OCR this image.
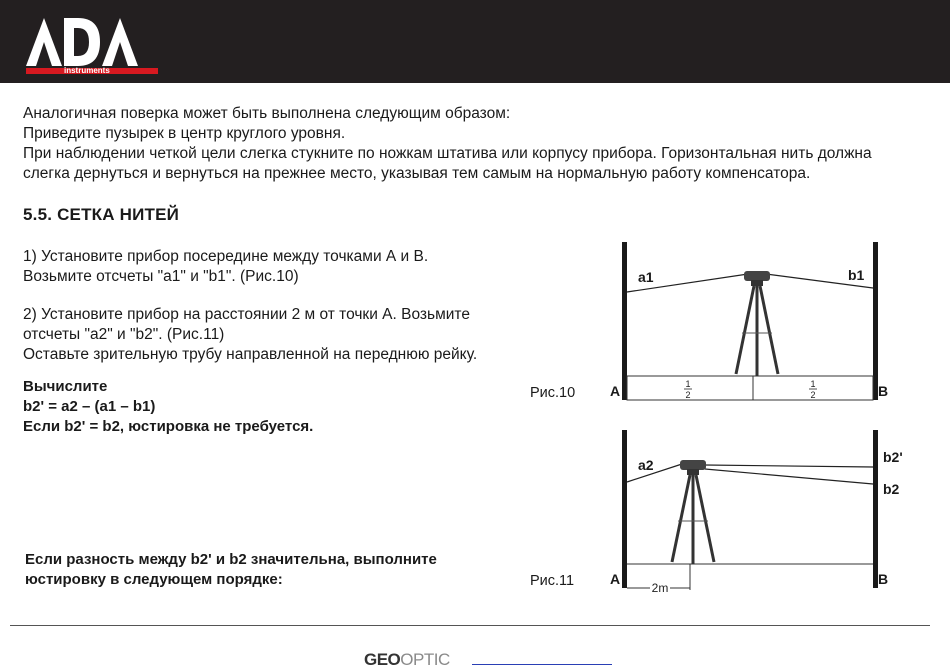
instruments
Аналогичная поверка может быть выполнена следующим образом:
Приведите пузырек в центр круглого уровня.
При наблюдении четкой цели слегка стукните по ножкам штатива или корпусу прибора. Горизонтальная нить должна
слегка дернуться и вернуться на прежнее место, указывая тем самым на нормальную работу компенсатора.
5.5. СЕТКА НИТЕЙ
1) Установите прибор посередине между точками А и В.
Возьмите отсчеты "а1" и "b1". (Рис.10)
2) Установите прибор на расстоянии 2 м от точки А. Возьмите
отсчеты "а2" и "b2". (Рис.11)
Оставьте зрительную трубу направленной на переднюю рейку.
Вычислите
b2' = a2 – (a1 – b1)
Если b2' = b2, юстировка не требуется.
Если разность между b2' и b2 значительна, выполните
юстировку в следующем порядке:
1
2
1
2
a1	b1
A	B
Рис.10
2m
a2	b2'
b2
A	B
Рис.11
GEOOPTIC
